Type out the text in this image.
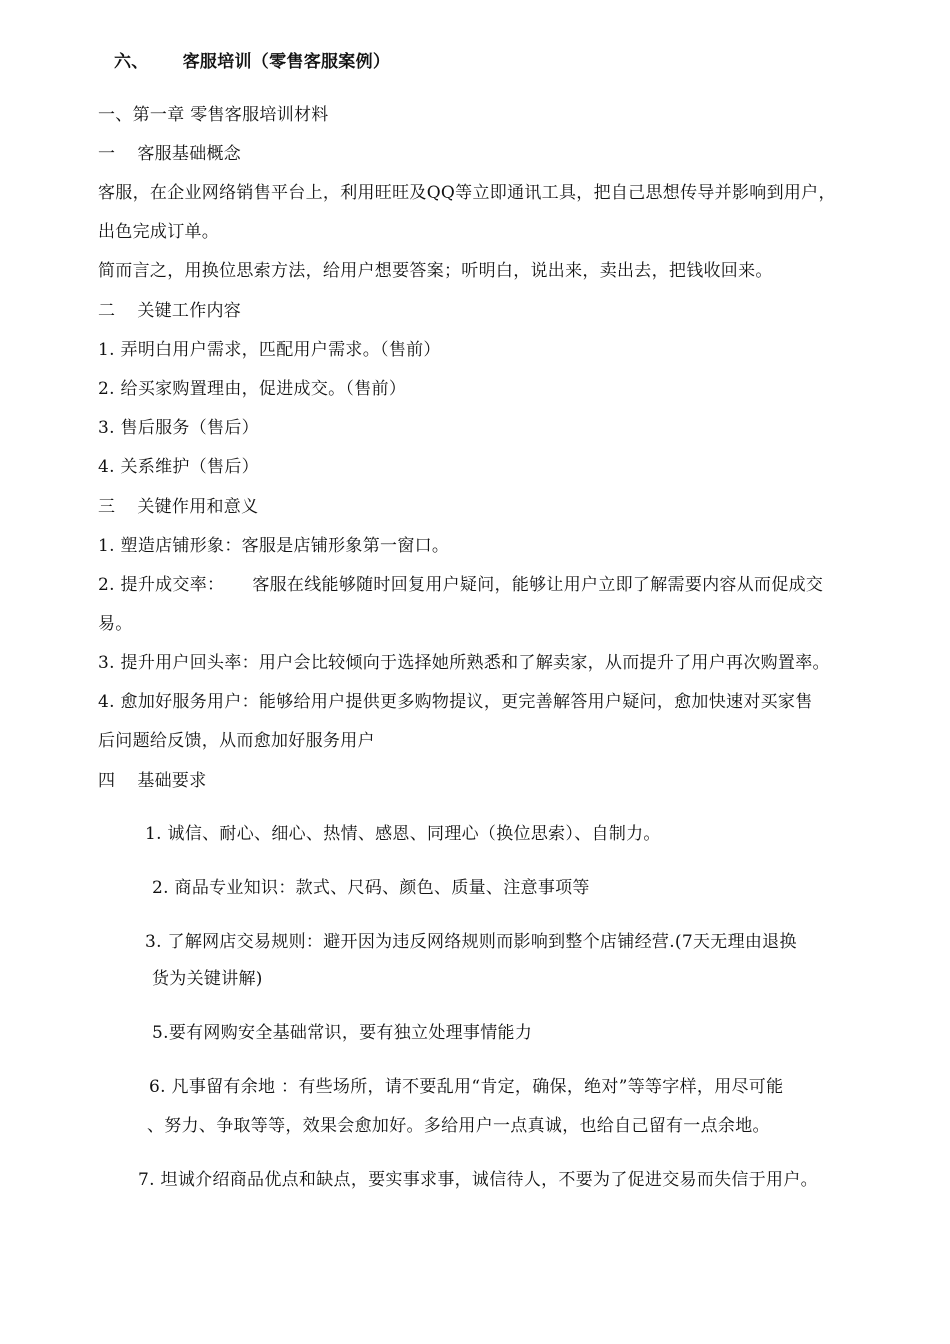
六、 客服培训（零售客服案例）
一、第一章 零售客服培训材料
一 客服基础概念
客服，在企业网络销售平台上，利用旺旺及QQ等立即通讯工具，把自己思想传导并影响到用户，
出色完成订单。
简而言之，用换位思索方法，给用户想要答案；听明白，说出来，卖出去，把钱收回来。
二 关键工作内容
1. 弄明白用户需求，匹配用户需求。（售前）
2. 给买家购置理由，促进成交。（售前）
3. 售后服务（售后）
4. 关系维护（售后）
三 关键作用和意义
1. 塑造店铺形象：客服是店铺形象第一窗口。
2. 提升成交率： 客服在线能够随时回复用户疑问，能够让用户立即了解需要内容从而促成交
易。
3. 提升用户回头率：用户会比较倾向于选择她所熟悉和了解卖家，从而提升了用户再次购置率。
4. 愈加好服务用户：能够给用户提供更多购物提议，更完善解答用户疑问，愈加快速对买家售
后问题给反馈，从而愈加好服务用户
四 基础要求
1. 诚信、耐心、细心、热情、感恩、同理心（换位思索）、自制力。
2. 商品专业知识：款式、尺码、颜色、质量、注意事项等
3. 了解网店交易规则：避开因为违反网络规则而影响到整个店铺经营.(7天无理由退换
货为关键讲解)
5.要有网购安全基础常识，要有独立处理事情能力
6. 凡事留有余地 ：有些场所，请不要乱用“肯定，确保，绝对”等等字样，用尽可能
、努力、争取等等，效果会愈加好。多给用户一点真诚，也给自己留有一点余地。
7. 坦诚介绍商品优点和缺点，要实事求事，诚信待人，不要为了促进交易而失信于用户。
